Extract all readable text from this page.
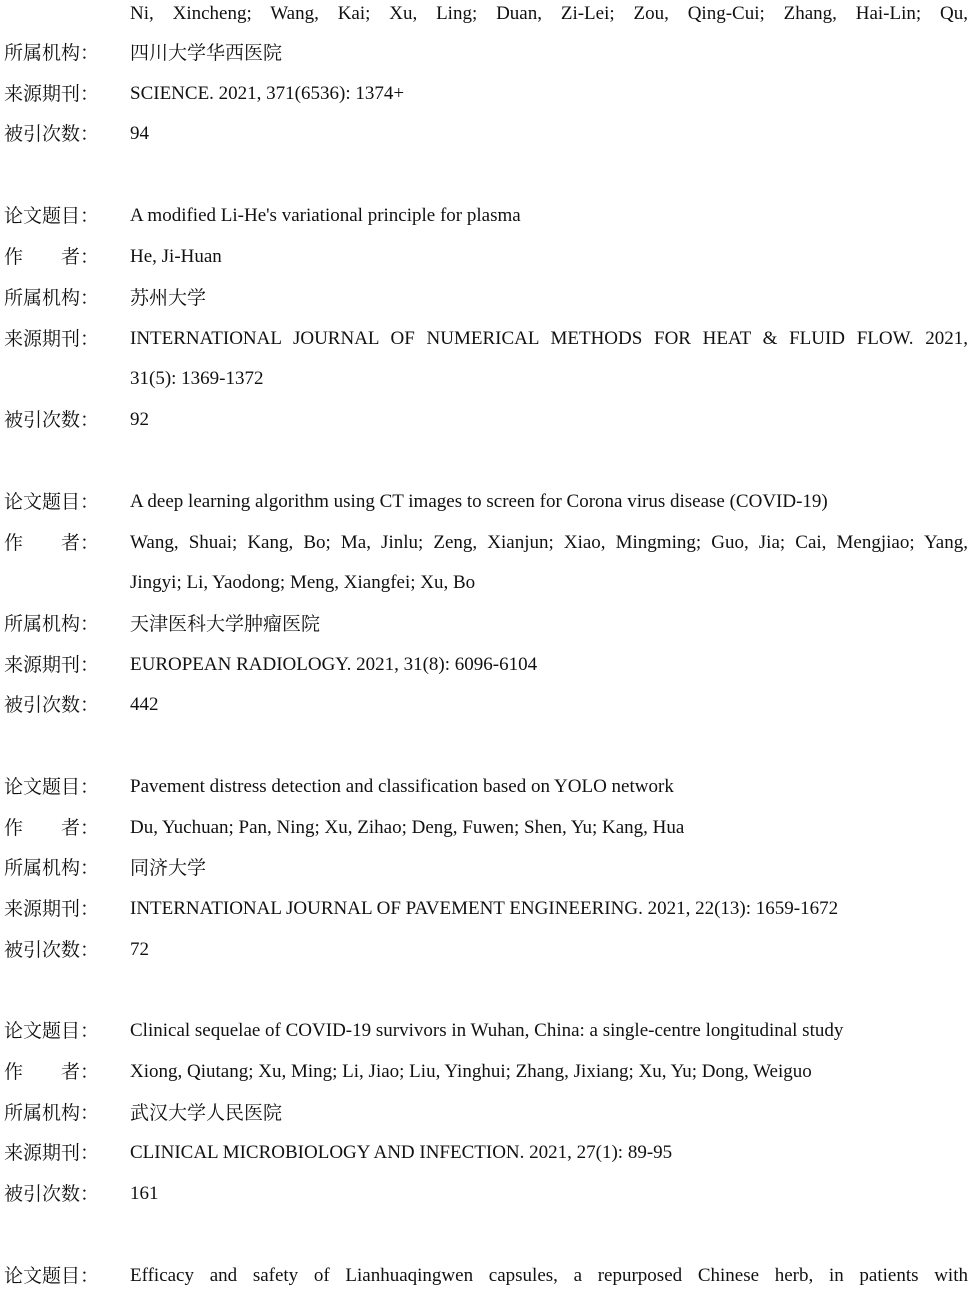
Ni, Xincheng; Wang, Kai; Xu, Ling; Duan, Zi-Lei; Zou, Qing-Cui; Zhang, Hai-Lin; Qu,
所属机构：	四川大学华西医院
来源期刊：	SCIENCE. 2021, 371(6536): 1374+
被引次数：	94
论文题目：	A modified Li-He's variational principle for plasma
作　　者：	He, Ji-Huan
所属机构：	苏州大学
来源期刊：	INTERNATIONAL JOURNAL OF NUMERICAL METHODS FOR HEAT & FLUID FLOW. 2021,
31(5): 1369-1372
被引次数：	92
论文题目：	A deep learning algorithm using CT images to screen for Corona virus disease (COVID-19)
作　　者：	Wang, Shuai; Kang, Bo; Ma, Jinlu; Zeng, Xianjun; Xiao, Mingming; Guo, Jia; Cai, Mengjiao; Yang,
Jingyi; Li, Yaodong; Meng, Xiangfei; Xu, Bo
所属机构：	天津医科大学肿瘤医院
来源期刊：	EUROPEAN RADIOLOGY. 2021, 31(8): 6096-6104
被引次数：	442
论文题目：	Pavement distress detection and classification based on YOLO network
作　　者：	Du, Yuchuan; Pan, Ning; Xu, Zihao; Deng, Fuwen; Shen, Yu; Kang, Hua
所属机构：	同济大学
来源期刊：	INTERNATIONAL JOURNAL OF PAVEMENT ENGINEERING. 2021, 22(13): 1659-1672
被引次数：	72
论文题目：	Clinical sequelae of COVID-19 survivors in Wuhan, China: a single-centre longitudinal study
作　　者：	Xiong, Qiutang; Xu, Ming; Li, Jiao; Liu, Yinghui; Zhang, Jixiang; Xu, Yu; Dong, Weiguo
所属机构：	武汉大学人民医院
来源期刊：	CLINICAL MICROBIOLOGY AND INFECTION. 2021, 27(1): 89-95
被引次数：	161
论文题目：	Efficacy and safety of Lianhuaqingwen capsules, a repurposed Chinese herb, in patients with
